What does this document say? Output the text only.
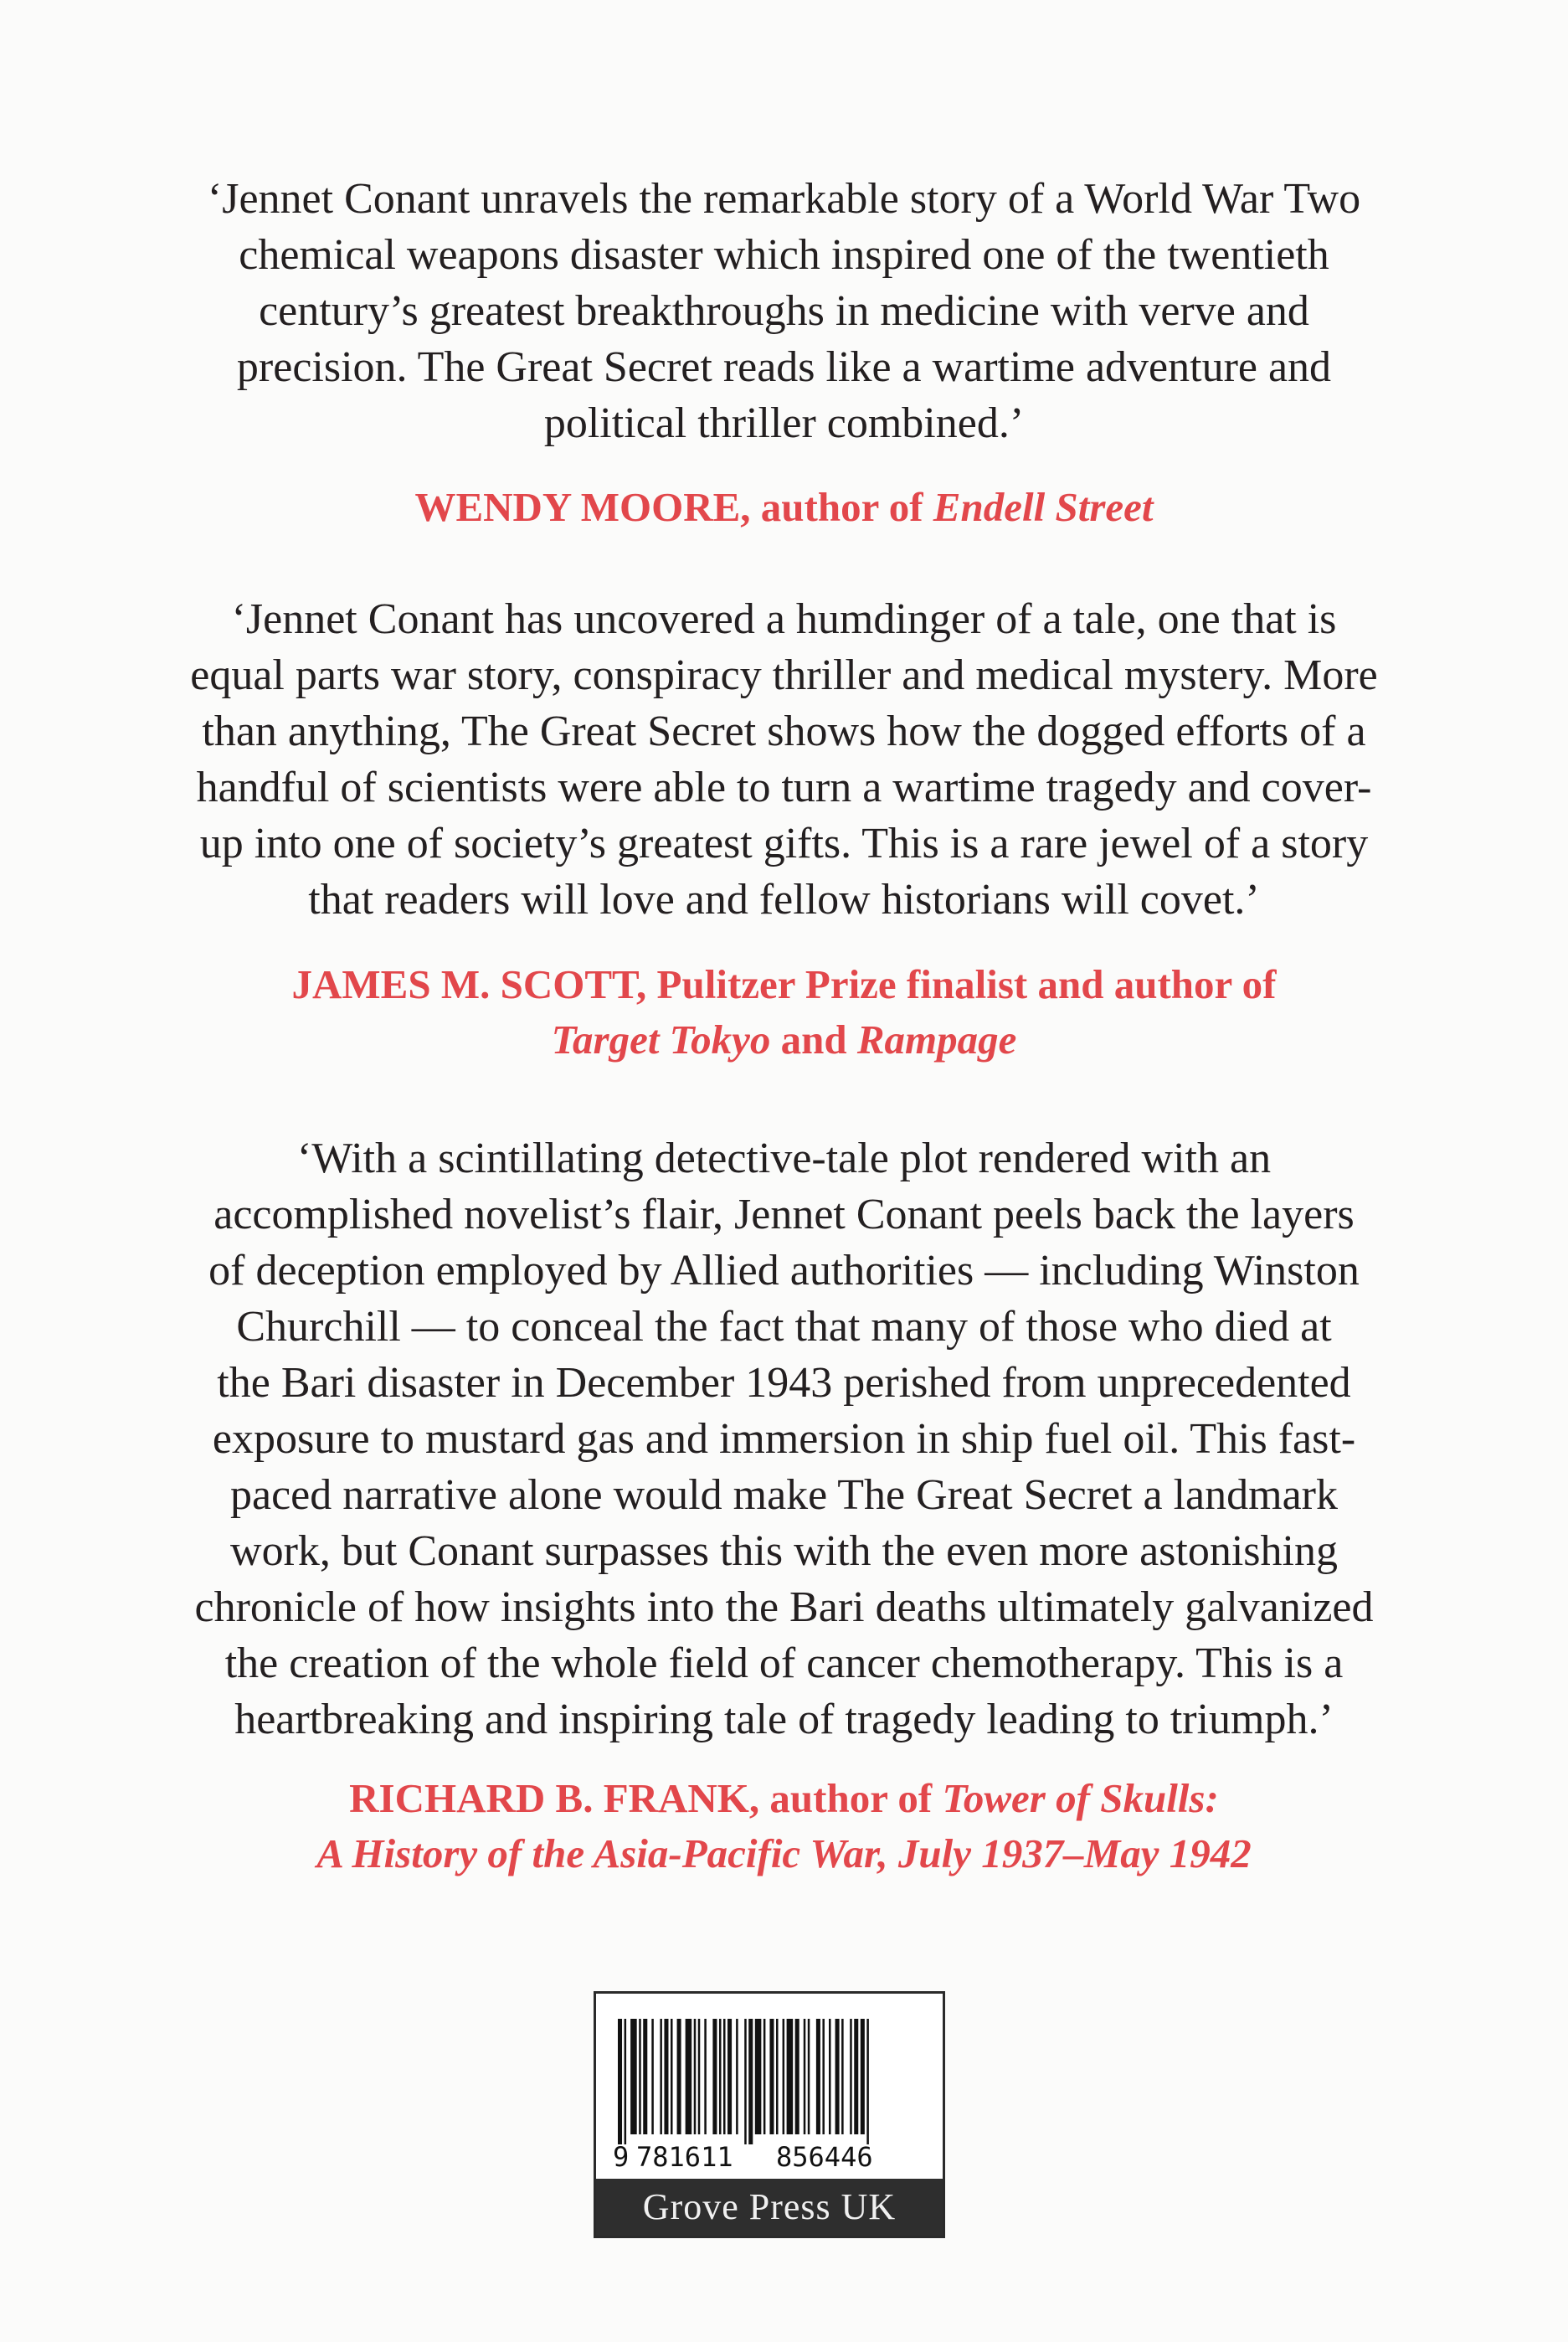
‘Jennet Conant unravels the remarkable story of a World War Two
chemical weapons disaster which inspired one of the twentieth
century’s greatest breakthroughs in medicine with verve and
precision. The Great Secret reads like a wartime adventure and
political thriller combined.’
WENDY MOORE, author of Endell Street
‘Jennet Conant has uncovered a humdinger of a tale, one that is
equal parts war story, conspiracy thriller and medical mystery. More
than anything, The Great Secret shows how the dogged efforts of a
handful of scientists were able to turn a wartime tragedy and cover-
up into one of society’s greatest gifts. This is a rare jewel of a story
that readers will love and fellow historians will covet.’
JAMES M. SCOTT, Pulitzer Prize finalist and author of
Target Tokyo and Rampage
‘With a scintillating detective-tale plot rendered with an
accomplished novelist’s flair, Jennet Conant peels back the layers
of deception employed by Allied authorities — including Winston
Churchill — to conceal the fact that many of those who died at
the Bari disaster in December 1943 perished from unprecedented
exposure to mustard gas and immersion in ship fuel oil. This fast-
paced narrative alone would make The Great Secret a landmark
work, but Conant surpasses this with the even more astonishing
chronicle of how insights into the Bari deaths ultimately galvanized
the creation of the whole field of cancer chemotherapy. This is a
heartbreaking and inspiring tale of tragedy leading to triumph.’
RICHARD B. FRANK, author of Tower of Skulls:
A History of the Asia-Pacific War, July 1937–May 1942
9 781611 856446
Grove Press UK
